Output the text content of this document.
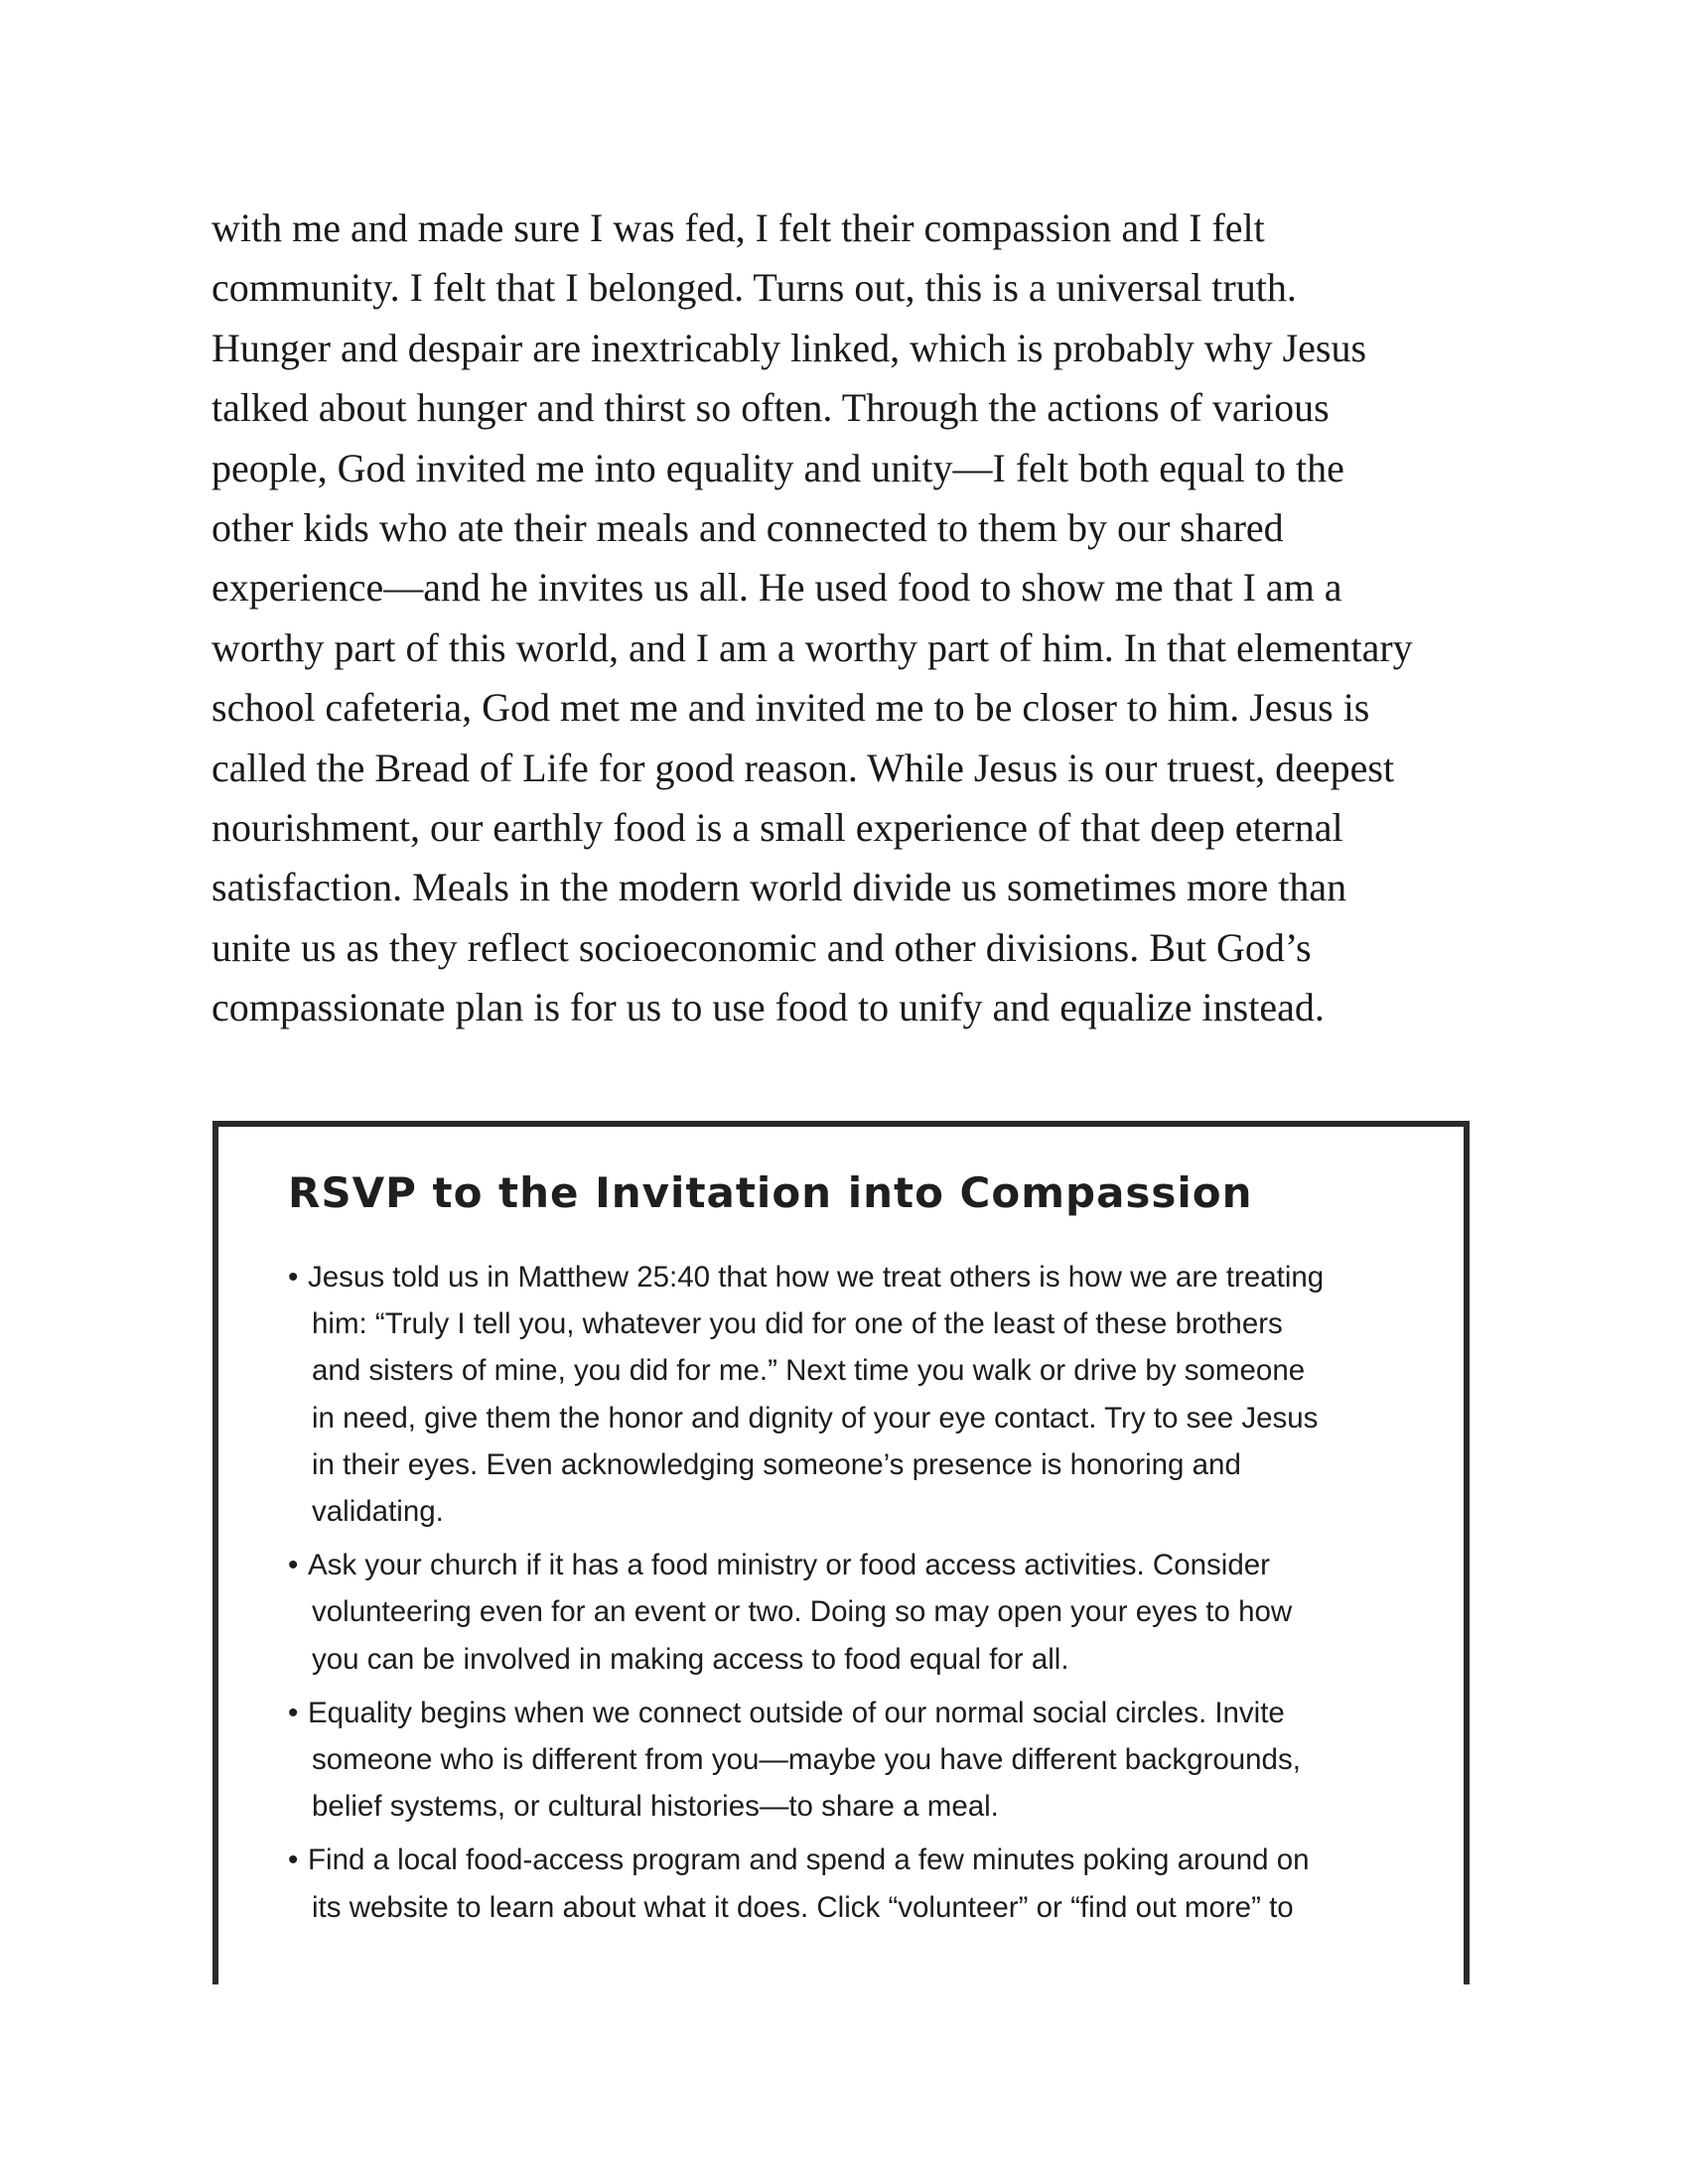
with me and made sure I was fed, I felt their compassion and I felt

community. I felt that I belonged. Turns out, this is a universal truth.

Hunger and despair are inextricably linked, which is probably why Jesus

talked about hunger and thirst so often. Through the actions of various

people, God invited me into equality and unity—I felt both equal to the

other kids who ate their meals and connected to them by our shared

experience—and he invites us all. He used food to show me that I am a

worthy part of this world, and I am a worthy part of him. In that elementary

school cafeteria, God met me and invited me to be closer to him. Jesus is

called the Bread of Life for good reason. While Jesus is our truest, deepest

nourishment, our earthly food is a small experience of that deep eternal

satisfaction. Meals in the modern world divide us sometimes more than

unite us as they reflect socioeconomic and other divisions. But God’s

compassionate plan is for us to use food to unify and equalize instead.

RSVP to the Invitation into Compassion

• Jesus told us in Matthew 25:40 that how we treat others is how we are treating

him: “Truly I tell you, whatever you did for one of the least of these brothers

and sisters of mine, you did for me.” Next time you walk or drive by someone

in need, give them the honor and dignity of your eye contact. Try to see Jesus

in their eyes. Even acknowledging someone’s presence is honoring and

validating.

• Ask your church if it has a food ministry or food access activities. Consider

volunteering even for an event or two. Doing so may open your eyes to how

you can be involved in making access to food equal for all.

• Equality begins when we connect outside of our normal social circles. Invite

someone who is different from you—maybe you have different backgrounds,

belief systems, or cultural histories—to share a meal.

• Find a local food-access program and spend a few minutes poking around on

its website to learn about what it does. Click “volunteer” or “find out more” to
